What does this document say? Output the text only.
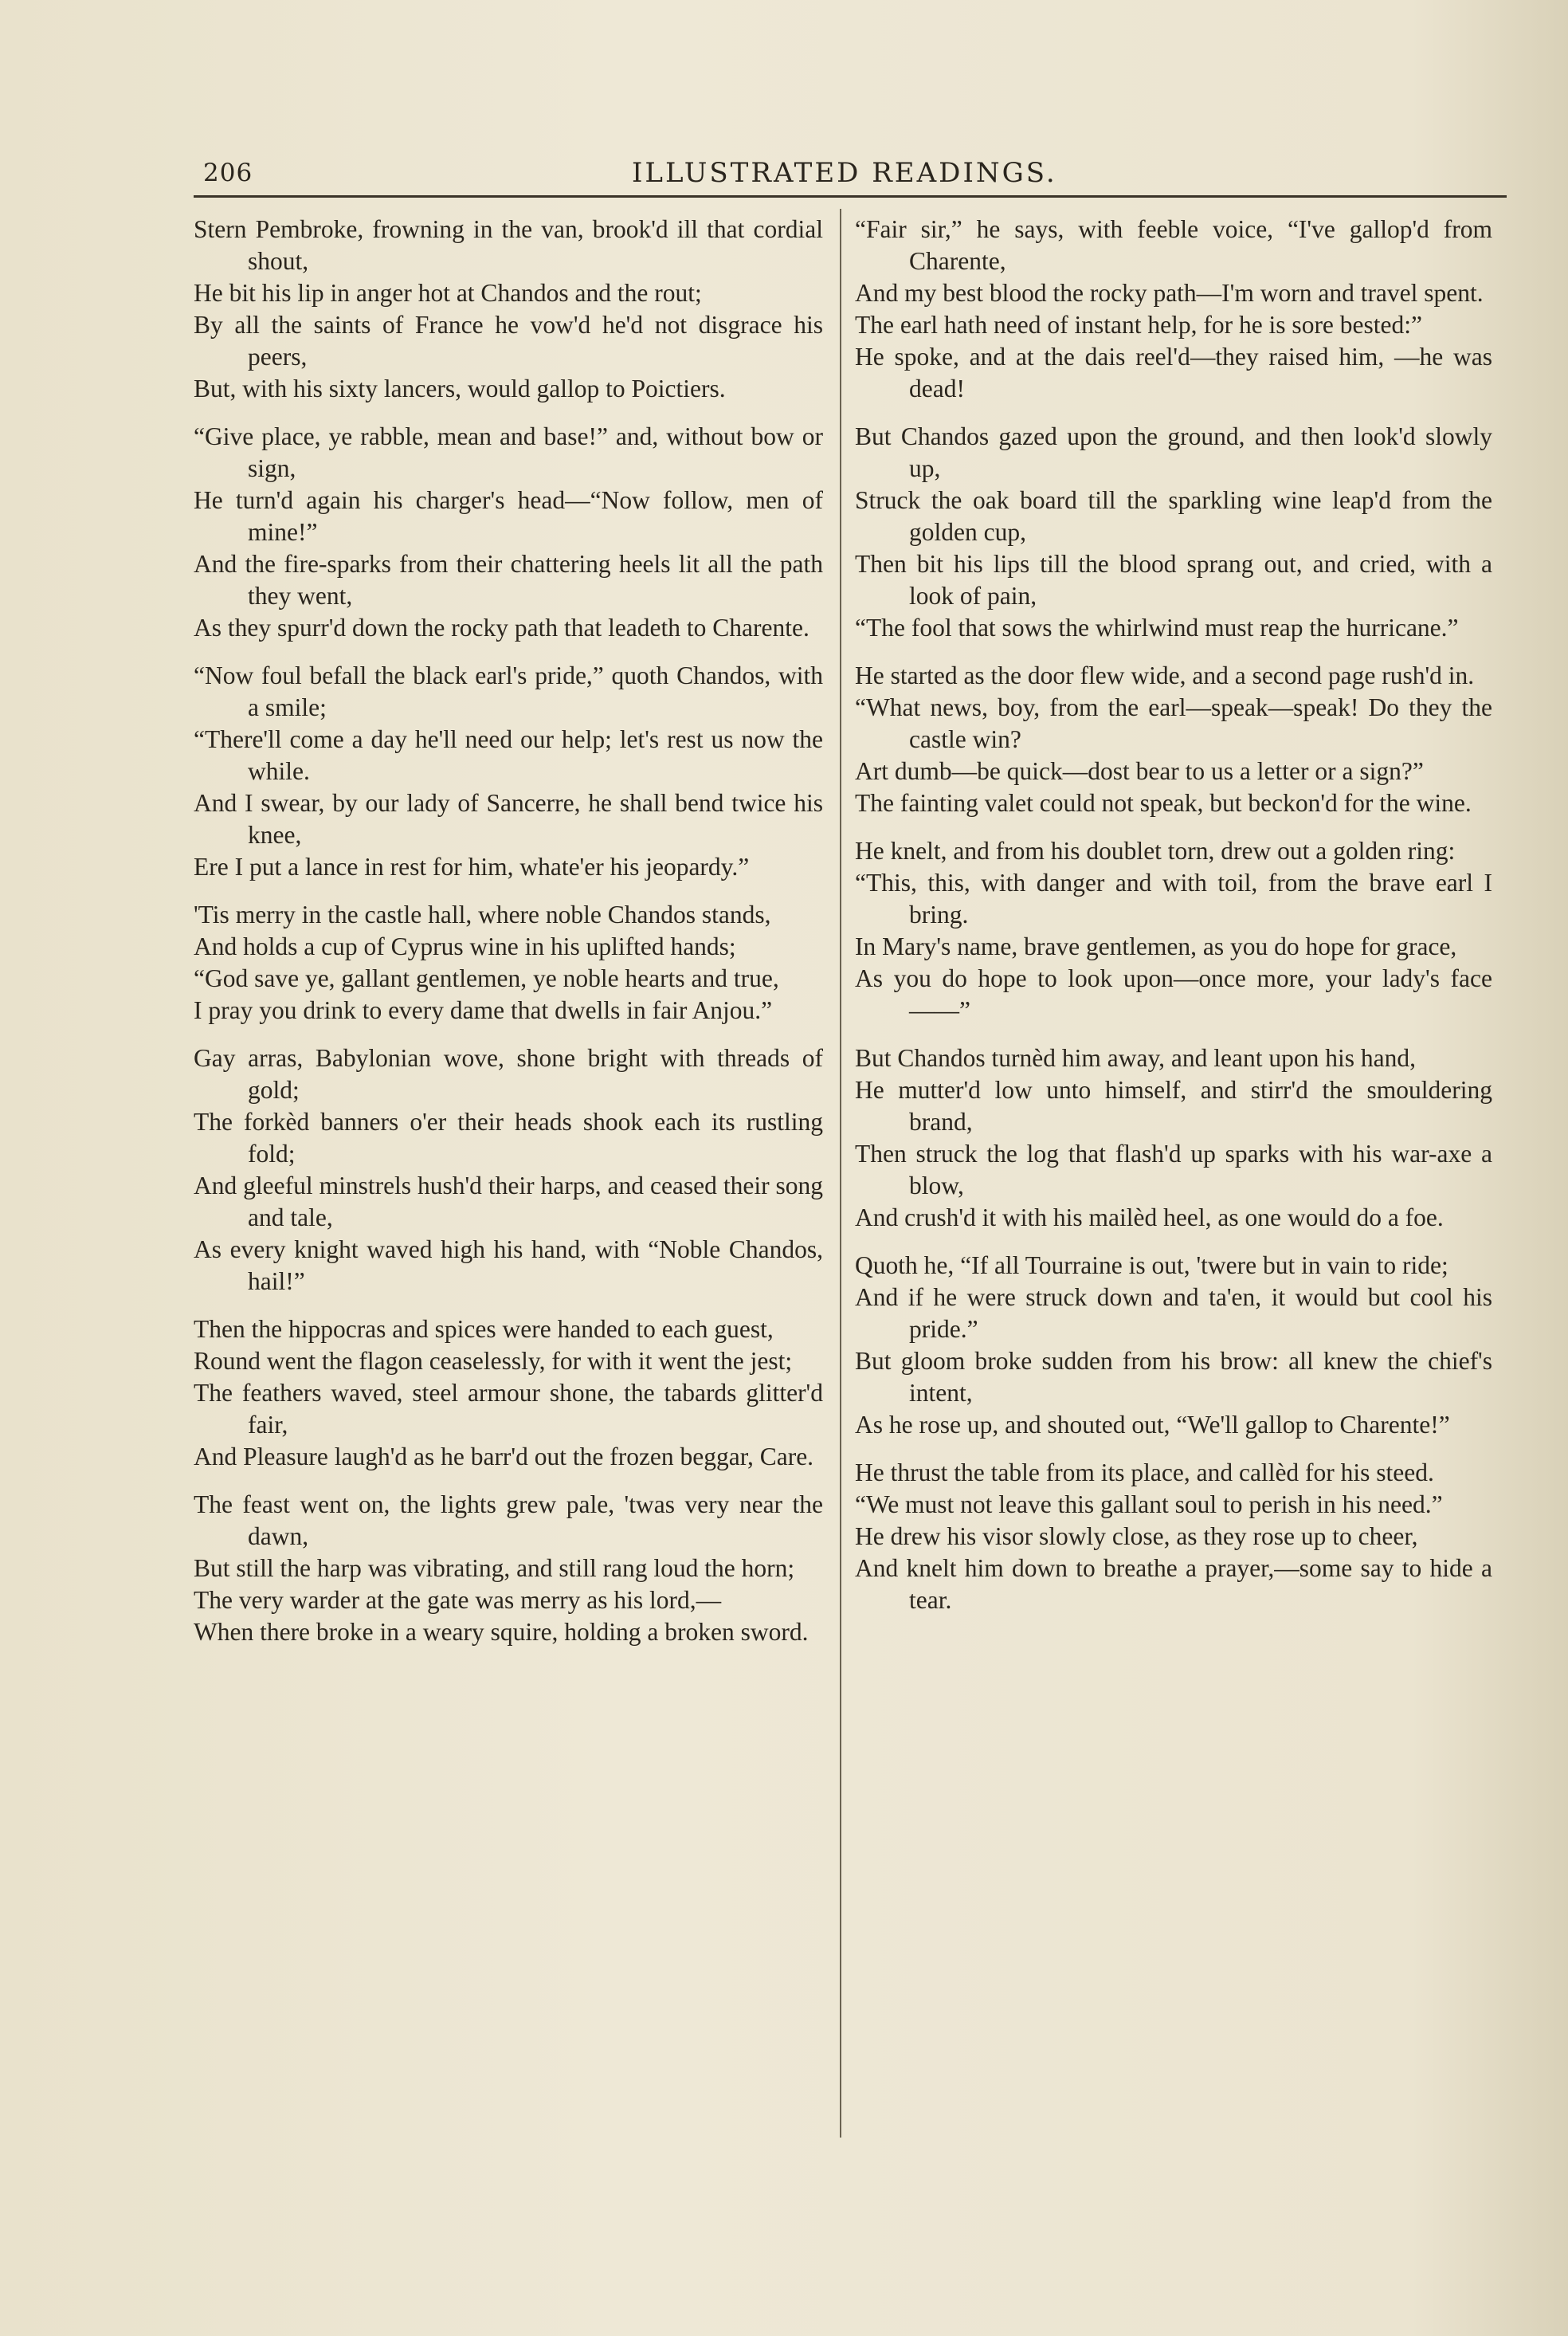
206	ILLUSTRATED READINGS.

Stern Pembroke, frowning in the van, brook'd ill that cordial shout,

He bit his lip in anger hot at Chandos and the rout;

By all the saints of France he vow'd he'd not disgrace his peers,

But, with his sixty lancers, would gallop to Poictiers.

“Give place, ye rabble, mean and base!” and, without bow or sign,

He turn'd again his charger's head—“Now follow, men of mine!”

And the fire-sparks from their chattering heels lit all the path they went,

As they spurr'd down the rocky path that leadeth to Charente.

“Now foul befall the black earl's pride,” quoth Chandos, with a smile;

“There'll come a day he'll need our help; let's rest us now the while.

And I swear, by our lady of Sancerre, he shall bend twice his knee,

Ere I put a lance in rest for him, whate'er his jeopardy.”

'Tis merry in the castle hall, where noble Chandos stands,

And holds a cup of Cyprus wine in his uplifted hands;

“God save ye, gallant gentlemen, ye noble hearts and true,

I pray you drink to every dame that dwells in fair Anjou.”

Gay arras, Babylonian wove, shone bright with threads of gold;

The forkèd banners o'er their heads shook each its rustling fold;

And gleeful minstrels hush'd their harps, and ceased their song and tale,

As every knight waved high his hand, with “Noble Chandos, hail!”

Then the hippocras and spices were handed to each guest,

Round went the flagon ceaselessly, for with it went the jest;

The feathers waved, steel armour shone, the tabards glitter'd fair,

And Pleasure laugh'd as he barr'd out the frozen beggar, Care.

The feast went on, the lights grew pale, 'twas very near the dawn,

But still the harp was vibrating, and still rang loud the horn;

The very warder at the gate was merry as his lord,—

When there broke in a weary squire, holding a broken sword.

“Fair sir,” he says, with feeble voice, “I've gallop'd from Charente,

And my best blood the rocky path—I'm worn and travel spent.

The earl hath need of instant help, for he is sore bested:”

He spoke, and at the dais reel'd—they raised him, —he was dead!

But Chandos gazed upon the ground, and then look'd slowly up,

Struck the oak board till the sparkling wine leap'd from the golden cup,

Then bit his lips till the blood sprang out, and cried, with a look of pain,

“The fool that sows the whirlwind must reap the hurricane.”

He started as the door flew wide, and a second page rush'd in.

“What news, boy, from the earl—speak—speak! Do they the castle win?

Art dumb—be quick—dost bear to us a letter or a sign?”

The fainting valet could not speak, but beckon'd for the wine.

He knelt, and from his doublet torn, drew out a golden ring:

“This, this, with danger and with toil, from the brave earl I bring.

In Mary's name, brave gentlemen, as you do hope for grace,

As you do hope to look upon—once more, your lady's face——”

But Chandos turnèd him away, and leant upon his hand,

He mutter'd low unto himself, and stirr'd the smouldering brand,

Then struck the log that flash'd up sparks with his war-axe a blow,

And crush'd it with his mailèd heel, as one would do a foe.

Quoth he, “If all Tourraine is out, 'twere but in vain to ride;

And if he were struck down and ta'en, it would but cool his pride.”

But gloom broke sudden from his brow: all knew the chief's intent,

As he rose up, and shouted out, “We'll gallop to Charente!”

He thrust the table from its place, and callèd for his steed.

“We must not leave this gallant soul to perish in his need.”

He drew his visor slowly close, as they rose up to cheer,

And knelt him down to breathe a prayer,—some say to hide a tear.
